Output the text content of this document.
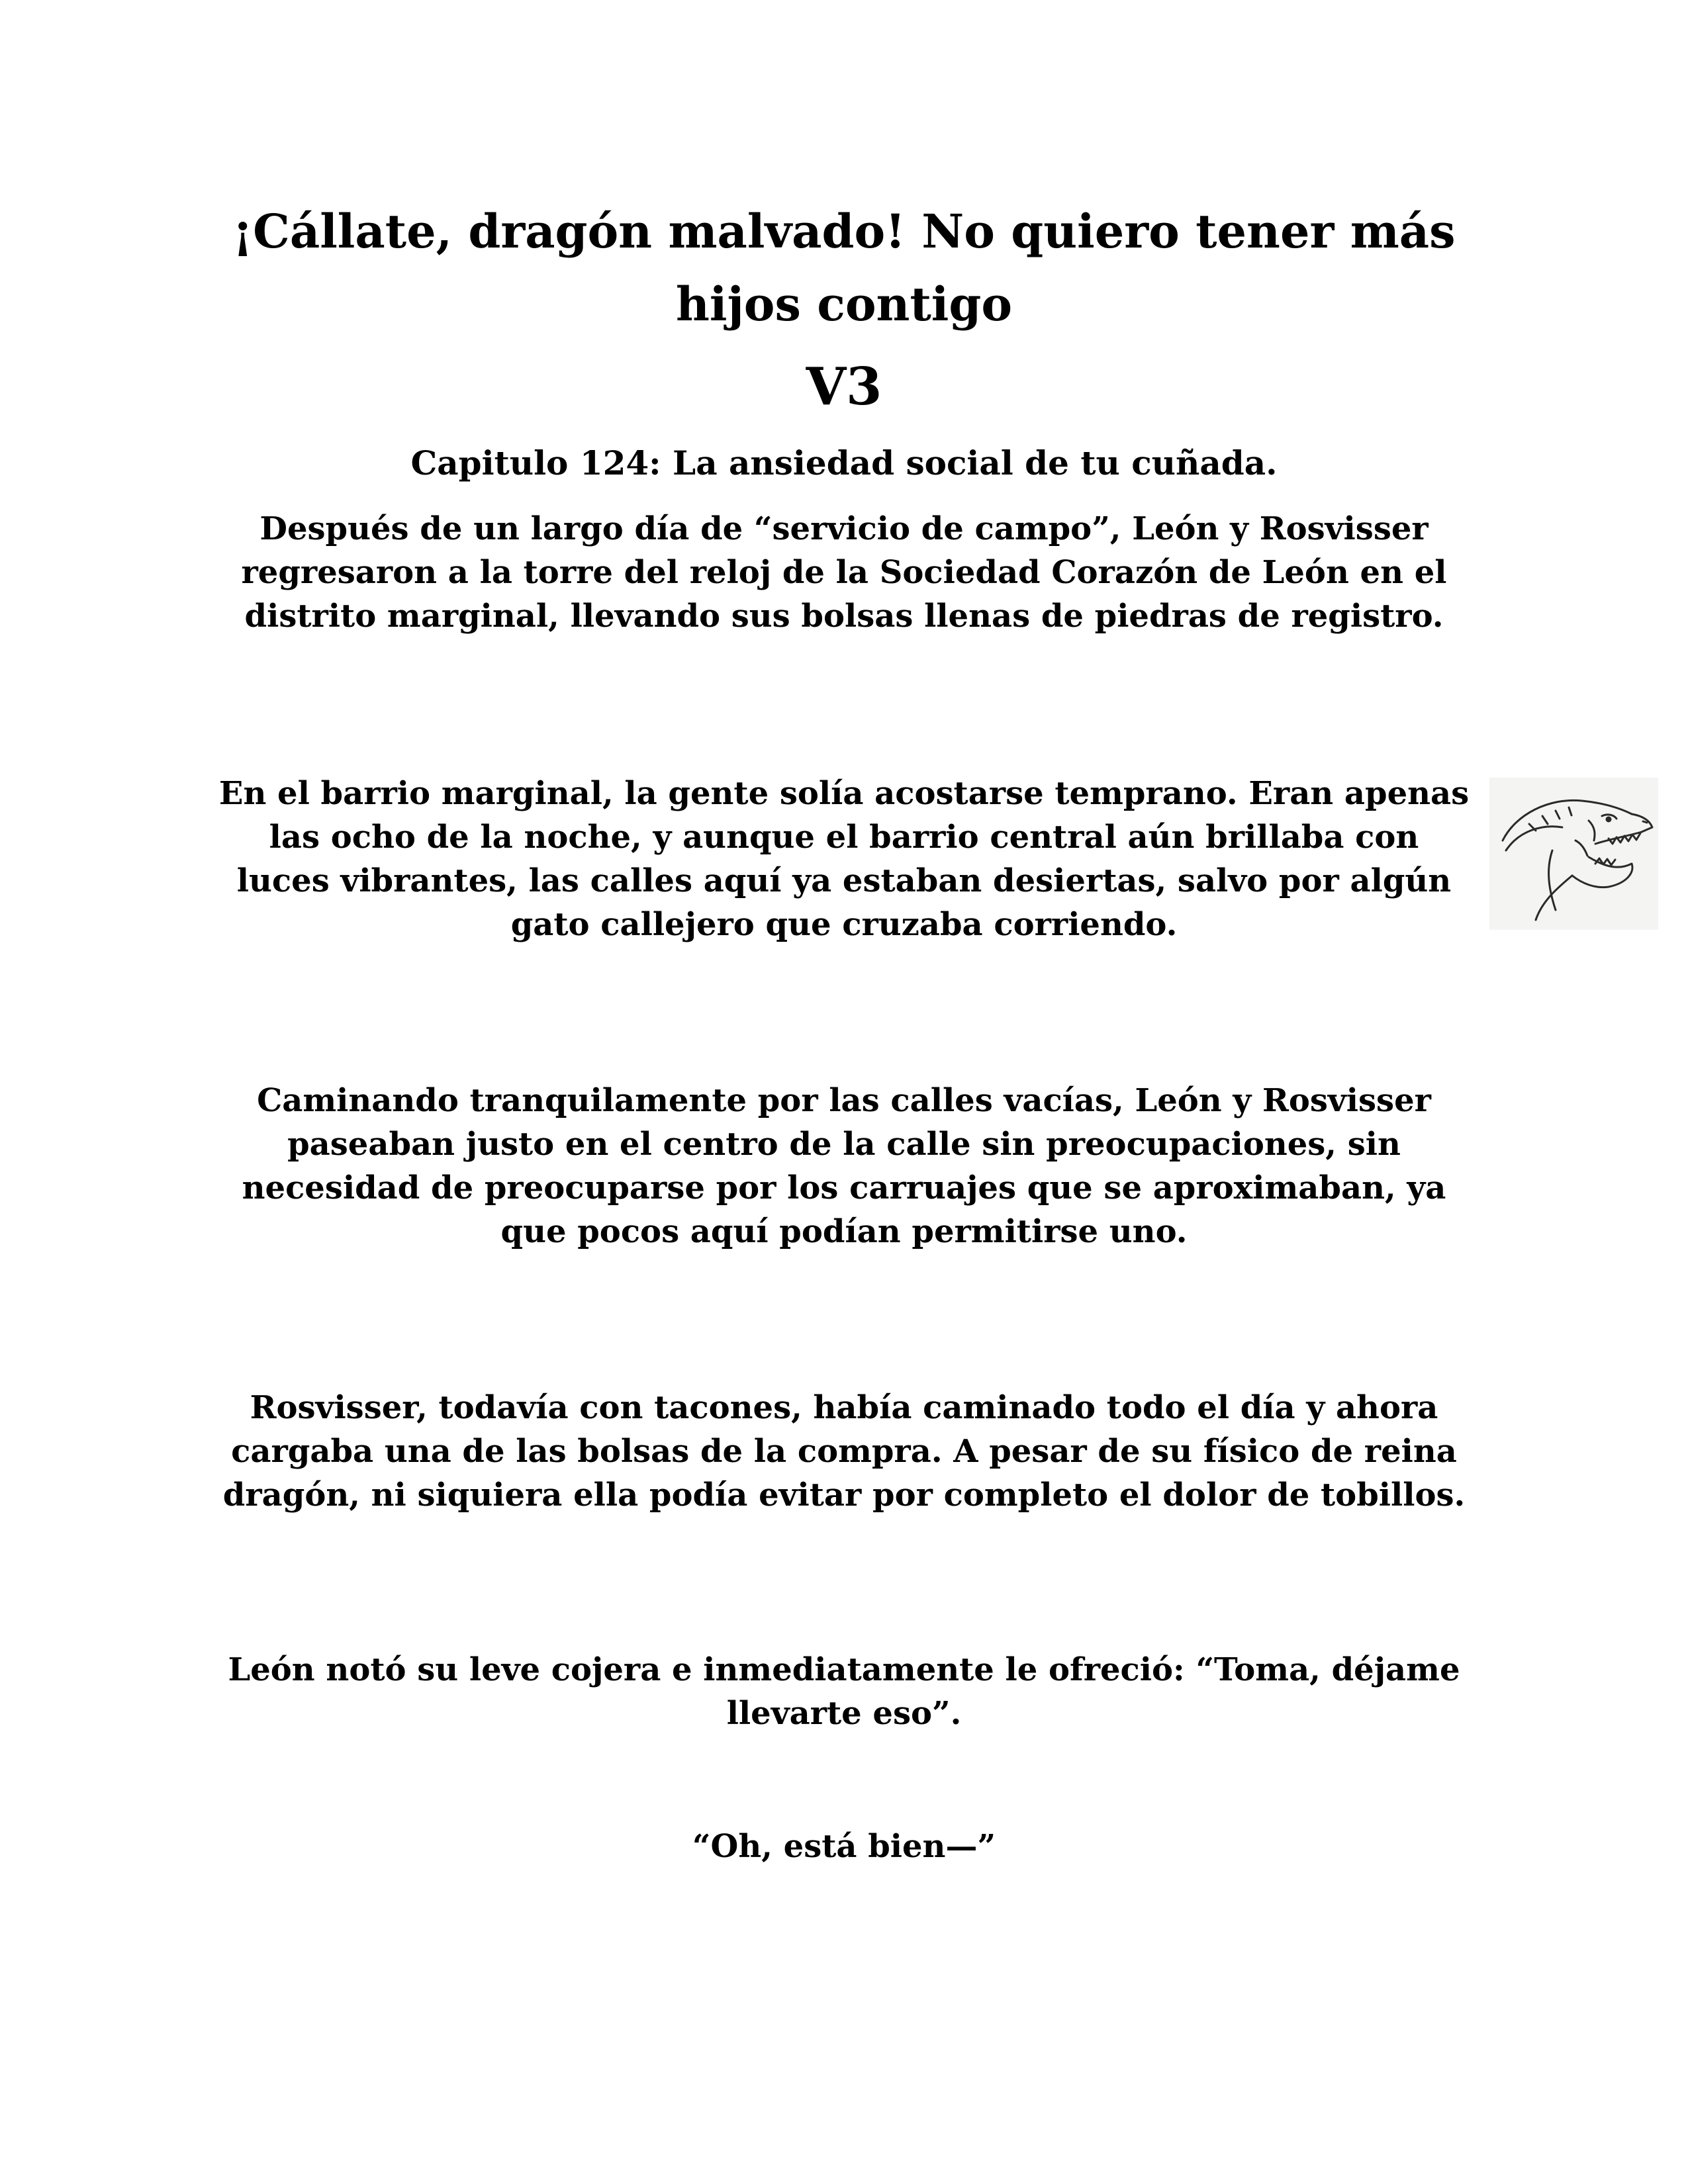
¡Cállate, dragón malvado! No quiero tener más hijos contigo
V3
Capitulo 124: La ansiedad social de tu cuñada.

Después de un largo día de “servicio de campo”, León y Rosvisser regresaron a la torre del reloj de la Sociedad Corazón de León en el distrito marginal, llevando sus bolsas llenas de piedras de registro.

En el barrio marginal, la gente solía acostarse temprano. Eran apenas las ocho de la noche, y aunque el barrio central aún brillaba con luces vibrantes, las calles aquí ya estaban desiertas, salvo por algún gato callejero que cruzaba corriendo.

Caminando tranquilamente por las calles vacías, León y Rosvisser paseaban justo en el centro de la calle sin preocupaciones, sin necesidad de preocuparse por los carruajes que se aproximaban, ya que pocos aquí podían permitirse uno.

Rosvisser, todavía con tacones, había caminado todo el día y ahora cargaba una de las bolsas de la compra. A pesar de su físico de reina dragón, ni siquiera ella podía evitar por completo el dolor de tobillos.

León notó su leve cojera e inmediatamente le ofreció: “Toma, déjame llevarte eso”.

“Oh, está bien—”
